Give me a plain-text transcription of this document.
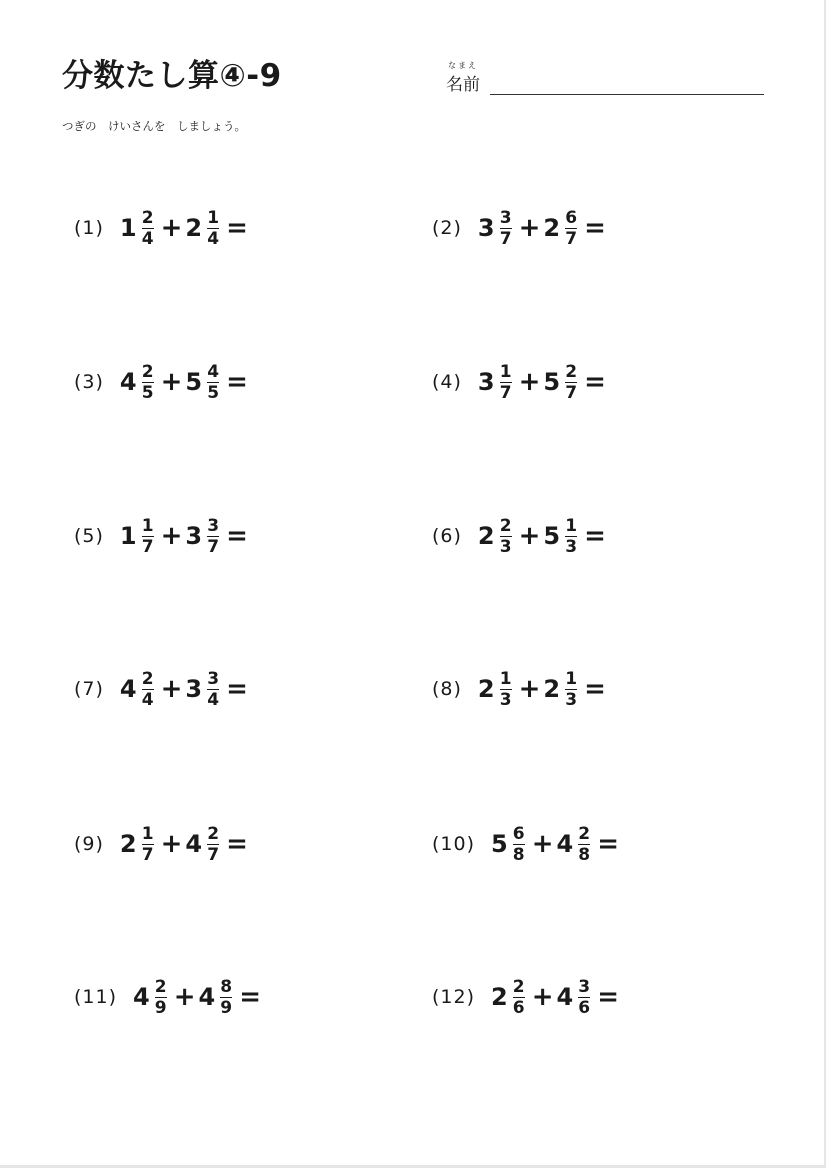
分数たし算④-9	なまえ
名前
つぎの　けいさんを　しましょう。
(1) $1 \frac{2}{4} + 2 \frac{1}{4}$ =	(2) $3 \frac{3}{7} + 2 \frac{6}{7}$ =
(3) $4 \frac{2}{5} + 5 \frac{4}{5}$ =	(4) $3 \frac{1}{7} + 5 \frac{2}{7}$ =
(5) $1 \frac{1}{7} + 3 \frac{3}{7}$ =	(6) $2 \frac{2}{3} + 5 \frac{1}{3}$ =
(7) $4 \frac{2}{4} + 3 \frac{3}{4}$ =	(8) $2 \frac{1}{3} + 2 \frac{1}{3}$ =
(9) $2 \frac{1}{7} + 4 \frac{2}{7}$ =	(10) $5 \frac{6}{8} + 4 \frac{2}{8}$ =
(11) $4 \frac{2}{9} + 4 \frac{8}{9}$ =	(12) $2 \frac{2}{6} + 4 \frac{3}{6}$ =
